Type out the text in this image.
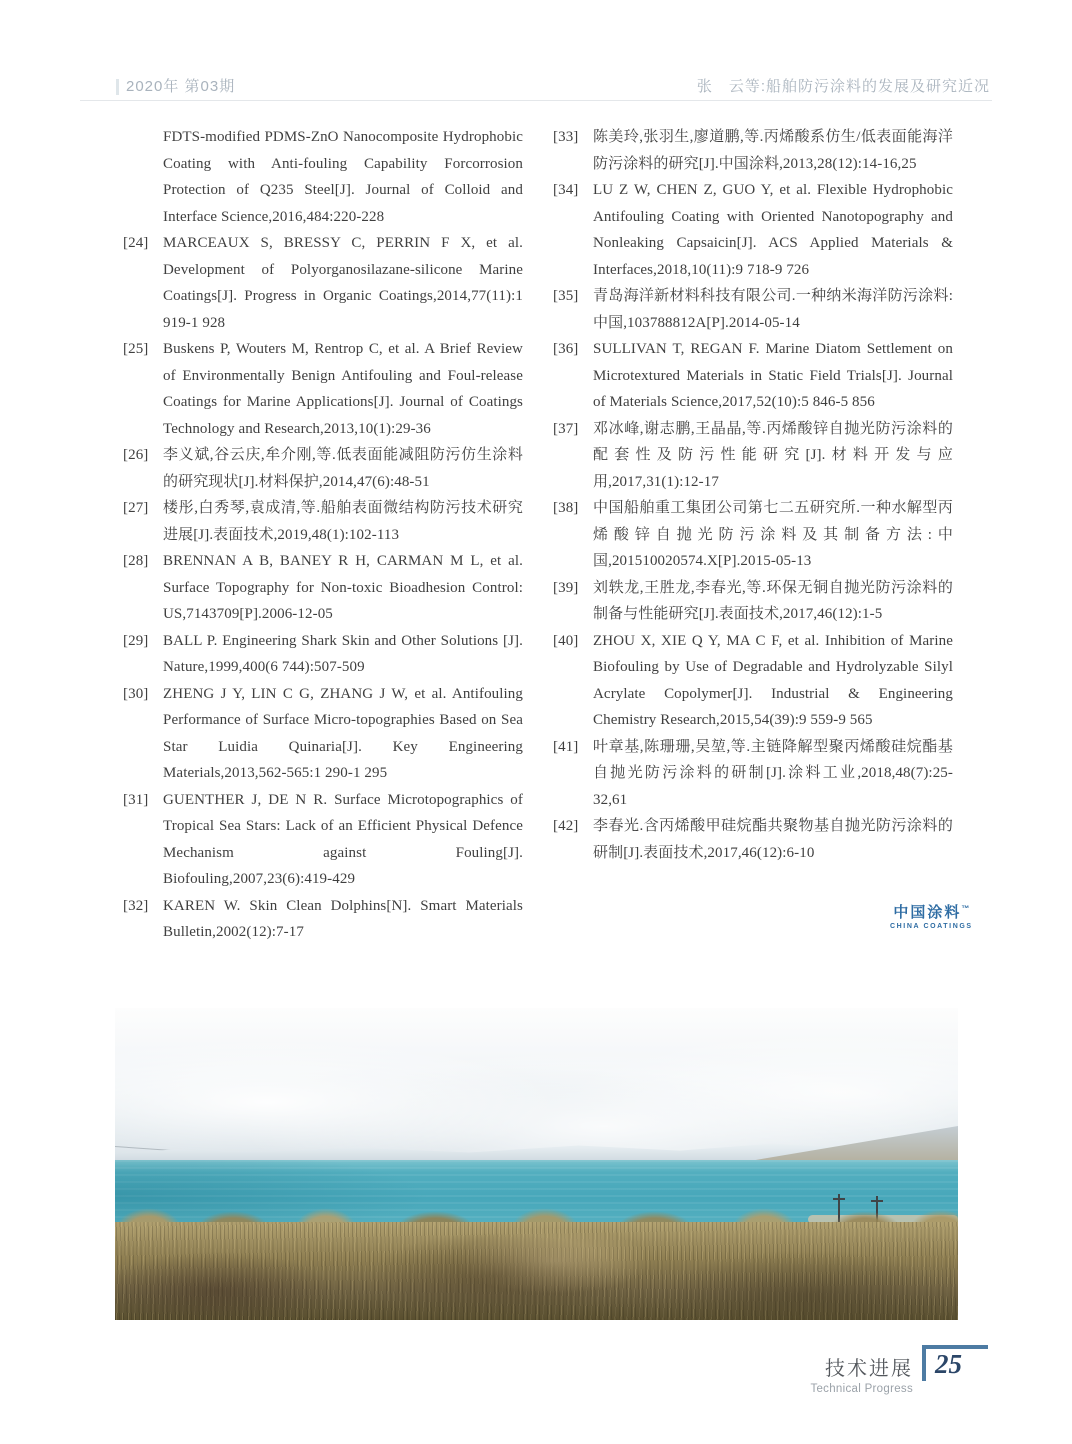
2020年 第03期	张　云等:船舶防污涂料的发展及研究近况
FDTS-modified PDMS-ZnO Nanocomposite Hydrophobic Coating with Anti-fouling Capability Forcorrosion Protection of Q235 Steel[J]. Journal of Colloid and Interface Science,2016,484:220-228
[24] MARCEAUX S, BRESSY C, PERRIN F X, et al. Development of Polyorganosilazane-silicone Marine Coatings[J]. Progress in Organic Coatings,2014,77(11):1 919-1 928
[25] Buskens P, Wouters M, Rentrop C, et al. A Brief Review of Environmentally Benign Antifouling and Foul-release Coatings for Marine Applications[J]. Journal of Coatings Technology and Research,2013,10(1):29-36
[26] 李义斌,谷云庆,牟介刚,等.低表面能减阻防污仿生涂料的研究现状[J].材料保护,2014,47(6):48-51
[27] 楼彤,白秀琴,袁成清,等.船舶表面微结构防污技术研究进展[J].表面技术,2019,48(1):102-113
[28] BRENNAN A B, BANEY R H, CARMAN M L, et al. Surface Topography for Non-toxic Bioadhesion Control: US,7143709[P].2006-12-05
[29] BALL P. Engineering Shark Skin and Other Solutions [J]. Nature,1999,400(6 744):507-509
[30] ZHENG J Y, LIN C G, ZHANG J W, et al. Antifouling Performance of Surface Micro-topographies Based on Sea Star Luidia Quinaria[J]. Key Engineering Materials,2013,562-565:1 290-1 295
[31] GUENTHER J, DE N R. Surface Microtopographics of Tropical Sea Stars: Lack of an Efficient Physical Defence Mechanism against Fouling[J]. Biofouling,2007,23(6):419-429
[32] KAREN W. Skin Clean Dolphins[N]. Smart Materials Bulletin,2002(12):7-17
[33] 陈美玲,张羽生,廖道鹏,等.丙烯酸系仿生/低表面能海洋防污涂料的研究[J].中国涂料,2013,28(12):14-16,25
[34] LU Z W, CHEN Z, GUO Y, et al. Flexible Hydrophobic Antifouling Coating with Oriented Nanotopography and Nonleaking Capsaicin[J]. ACS Applied Materials & Interfaces,2018,10(11):9 718-9 726
[35] 青岛海洋新材料科技有限公司.一种纳米海洋防污涂料:中国,103788812A[P].2014-05-14
[36] SULLIVAN T, REGAN F. Marine Diatom Settlement on Microtextured Materials in Static Field Trials[J]. Journal of Materials Science,2017,52(10):5 846-5 856
[37] 邓冰峰,谢志鹏,王晶晶,等.丙烯酸锌自抛光防污涂料的配套性及防污性能研究[J].材料开发与应用,2017,31(1):12-17
[38] 中国船舶重工集团公司第七二五研究所.一种水解型丙烯酸锌自抛光防污涂料及其制备方法:中国,201510020574.X[P].2015-05-13
[39] 刘轶龙,王胜龙,李春光,等.环保无铜自抛光防污涂料的制备与性能研究[J].表面技术,2017,46(12):1-5
[40] ZHOU X, XIE Q Y, MA C F, et al. Inhibition of Marine Biofouling by Use of Degradable and Hydrolyzable Silyl Acrylate Copolymer[J]. Industrial & Engineering Chemistry Research,2015,54(39):9 559-9 565
[41] 叶章基,陈珊珊,吴堃,等.主链降解型聚丙烯酸硅烷酯基自抛光防污涂料的研制[J].涂料工业,2018,48(7):25-32,61
[42] 李春光.含丙烯酸甲硅烷酯共聚物基自抛光防污涂料的研制[J].表面技术,2017,46(12):6-10
中国涂料™
CHINA COATINGS
技术进展
Technical Progress
25
